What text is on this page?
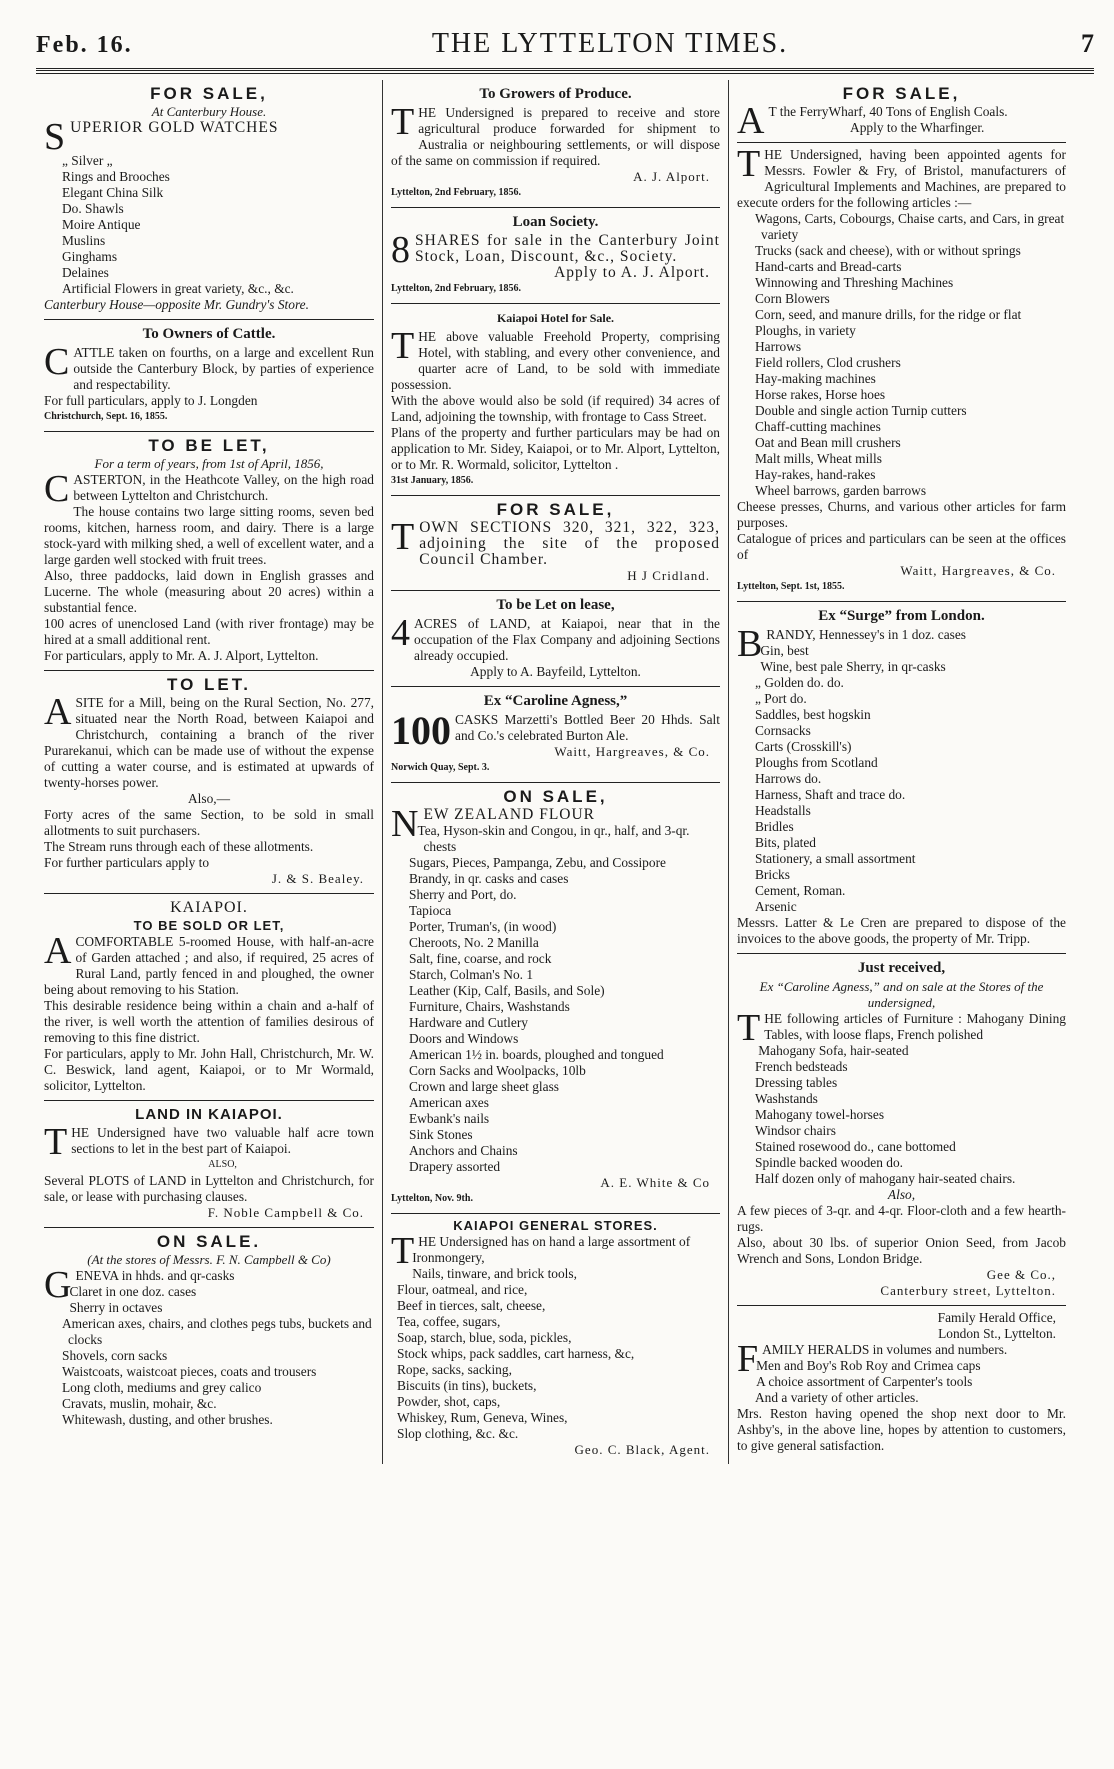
Feb. 16.	THE LYTTELTON TIMES.	7
FOR SALE,
At Canterbury House.
SUPERIOR GOLD WATCHES
„ Silver „
Rings and Brooches
Elegant China Silk
Do. Shawls
Moire Antique
Muslins
Ginghams
Delaines
Artificial Flowers in great variety, &c., &c.

Canterbury House—opposite Mr. Gundry's Store.

To Owners of Cattle.

CATTLE taken on fourths, on a large and excellent Run outside the Canterbury Block, by parties of experience and respectability.

For full particulars, apply to J. Longden

Christchurch, Sept. 16, 1855.
TO BE LET,
For a term of years, from 1st of April, 1856,

CASTERTON, in the Heathcote Valley, on the high road between Lyttelton and Christchurch.

The house contains two large sitting rooms, seven bed rooms, kitchen, harness room, and dairy. There is a large stock-yard with milking shed, a well of excellent water, and a large garden well stocked with fruit trees.

Also, three paddocks, laid down in English grasses and Lucerne. The whole (measuring about 20 acres) within a substantial fence.

100 acres of unenclosed Land (with river frontage) may be hired at a small additional rent.

For particulars, apply to Mr. A. J. Alport, Lyttelton.

TO LET.

ASITE for a Mill, being on the Rural Section, No. 277, situated near the North Road, between Kaiapoi and Christchurch, containing a branch of the river Purarekanui, which can be made use of without the expense of cutting a water course, and is estimated at upwards of twenty-horses power.

Also,—

Forty acres of the same Section, to be sold in small allotments to suit purchasers.

The Stream runs through each of these allotments.

For further particulars apply to

J. & S. Bealey.
KAIAPOI.
TO BE SOLD OR LET,

ACOMFORTABLE 5-roomed House, with half-an-acre of Garden attached ; and also, if required, 25 acres of Rural Land, partly fenced in and ploughed, the owner being about removing to his Station.

This desirable residence being within a chain and a-half of the river, is well worth the attention of families desirous of removing to this fine district.

For particulars, apply to Mr. John Hall, Christchurch, Mr. W. C. Beswick, land agent, Kaiapoi, or to Mr Wormald, solicitor, Lyttelton.

LAND IN KAIAPOI.

THE Undersigned have two valuable half acre town sections to let in the best part of Kaiapoi.

ALSO,

Several PLOTS of LAND in Lyttelton and Christchurch, for sale, or lease with purchasing clauses.

F. Noble Campbell & Co.
ON SALE.
(At the stores of Messrs. F. N. Campbell & Co)
GENEVA in hhds. and qr-casks
Claret in one doz. cases
Sherry in octaves
American axes, chairs, and clothes pegs tubs, buckets and clocks
Shovels, corn sacks
Waistcoats, waistcoat pieces, coats and trousers
Long cloth, mediums and grey calico
Cravats, muslin, mohair, &c.
Whitewash, dusting, and other brushes.
To Growers of Produce.

THE Undersigned is prepared to receive and store agricultural produce forwarded for shipment to Australia or neighbouring settlements, or will dispose of the same on commission if required.

A. J. Alport.
Lyttelton, 2nd February, 1856.
Loan Society.

8 SHARES for sale in the Canterbury Joint Stock, Loan, Discount, &c., Society.

Apply to A. J. Alport.
Lyttelton, 2nd February, 1856.
Kaiapoi Hotel for Sale.

THE above valuable Freehold Property, comprising Hotel, with stabling, and every other convenience, and quarter acre of Land, to be sold with immediate possession.

With the above would also be sold (if required) 34 acres of Land, adjoining the township, with frontage to Cass Street.

Plans of the property and further particulars may be had on application to Mr. Sidey, Kaiapoi, or to Mr. Alport, Lyttelton, or to Mr. R. Wormald, solicitor, Lyttelton .

31st January, 1856.
FOR SALE,

TOWN SECTIONS 320, 321, 322, 323, adjoining the site of the proposed Council Chamber.

H J Cridland.
To be Let on lease,

4 ACRES of LAND, at Kaiapoi, near that in the occupation of the Flax Company and adjoining Sections already occupied.

Apply to A. Bayfeild, Lyttelton.
Ex “Caroline Agness,”

100 CASKS Marzetti's Bottled Beer 20 Hhds. Salt and Co.'s celebrated Burton Ale.

Waitt, Hargreaves, & Co.
Norwich Quay, Sept. 3.
ON SALE,
NEW ZEALAND FLOUR
Tea, Hyson-skin and Congou, in qr., half, and 3-qr. chests
Sugars, Pieces, Pampanga, Zebu, and Cossipore
Brandy, in qr. casks and cases
Sherry and Port, do.
Tapioca
Porter, Truman's, (in wood)
Cheroots, No. 2 Manilla
Salt, fine, coarse, and rock
Starch, Colman's No. 1
Leather (Kip, Calf, Basils, and Sole)
Furniture, Chairs, Washstands
Hardware and Cutlery
Doors and Windows
American 1½ in. boards, ploughed and tongued
Corn Sacks and Woolpacks, 10lb
Crown and large sheet glass
American axes
Ewbank's nails
Sink Stones
Anchors and Chains
Drapery assorted
A. E. White & Co
Lyttelton, Nov. 9th.
KAIAPOI GENERAL STORES.

THE Undersigned has on hand a large assortment of

Ironmongery,
Nails, tinware, and brick tools,
Flour, oatmeal, and rice,
Beef in tierces, salt, cheese,
Tea, coffee, sugars,
Soap, starch, blue, soda, pickles,
Stock whips, pack saddles, cart harness, &c,
Rope, sacks, sacking,
Biscuits (in tins), buckets,
Powder, shot, caps,
Whiskey, Rum, Geneva, Wines,
Slop clothing, &c. &c.
Geo. C. Black, Agent.
FOR SALE,

A T the FerryWharf, 40 Tons of English Coals.

Apply to the Wharfinger.

THE Undersigned, having been appointed agents for Messrs. Fowler & Fry, of Bristol, manufacturers of Agricultural Implements and Machines, are prepared to execute orders for the following articles :—

Wagons, Carts, Cobourgs, Chaise carts, and Cars, in great variety
Trucks (sack and cheese), with or without springs
Hand-carts and Bread-carts
Winnowing and Threshing Machines
Corn Blowers
Corn, seed, and manure drills, for the ridge or flat
Ploughs, in variety
Harrows
Field rollers, Clod crushers
Hay-making machines
Horse rakes, Horse hoes
Double and single action Turnip cutters
Chaff-cutting machines
Oat and Bean mill crushers
Malt mills, Wheat mills
Hay-rakes, hand-rakes
Wheel barrows, garden barrows

Cheese presses, Churns, and various other articles for farm purposes.

Catalogue of prices and particulars can be seen at the offices of

Waitt, Hargreaves, & Co.
Lyttelton, Sept. 1st, 1855.
Ex “Surge” from London.
BRANDY, Hennessey's in 1 doz. cases
Gin, best
Wine, best pale Sherry, in qr-casks
„ Golden do. do.
„ Port do.
Saddles, best hogskin
Cornsacks
Carts (Crosskill's)
Ploughs from Scotland
Harrows do.
Harness, Shaft and trace do.
Headstalls
Bridles
Bits, plated
Stationery, a small assortment
Bricks
Cement, Roman.
Arsenic

Messrs. Latter & Le Cren are prepared to dispose of the invoices to the above goods, the property of Mr. Tripp.

Just received,
Ex “Caroline Agness,” and on sale at the Stores of the undersigned,

THE following articles of Furniture : Mahogany Dining Tables, with loose flaps, French polished

Mahogany Sofa, hair-seated
French bedsteads
Dressing tables
Washstands
Mahogany towel-horses
Windsor chairs
Stained rosewood do., cane bottomed
Spindle backed wooden do.
Half dozen only of mahogany hair-seated chairs.
Also,

A few pieces of 3-qr. and 4-qr. Floor-cloth and a few hearth-rugs.

Also, about 30 lbs. of superior Onion Seed, from Jacob Wrench and Sons, London Bridge.

Gee & Co.,
Canterbury street, Lyttelton.
Family Herald Office,
London St., Lyttelton.

FAMILY HERALDS in volumes and numbers.

Men and Boy's Rob Roy and Crimea caps
A choice assortment of Carpenter's tools
And a variety of other articles.

Mrs. Reston having opened the shop next door to Mr. Ashby's, in the above line, hopes by attention to customers, to give general satisfaction.
